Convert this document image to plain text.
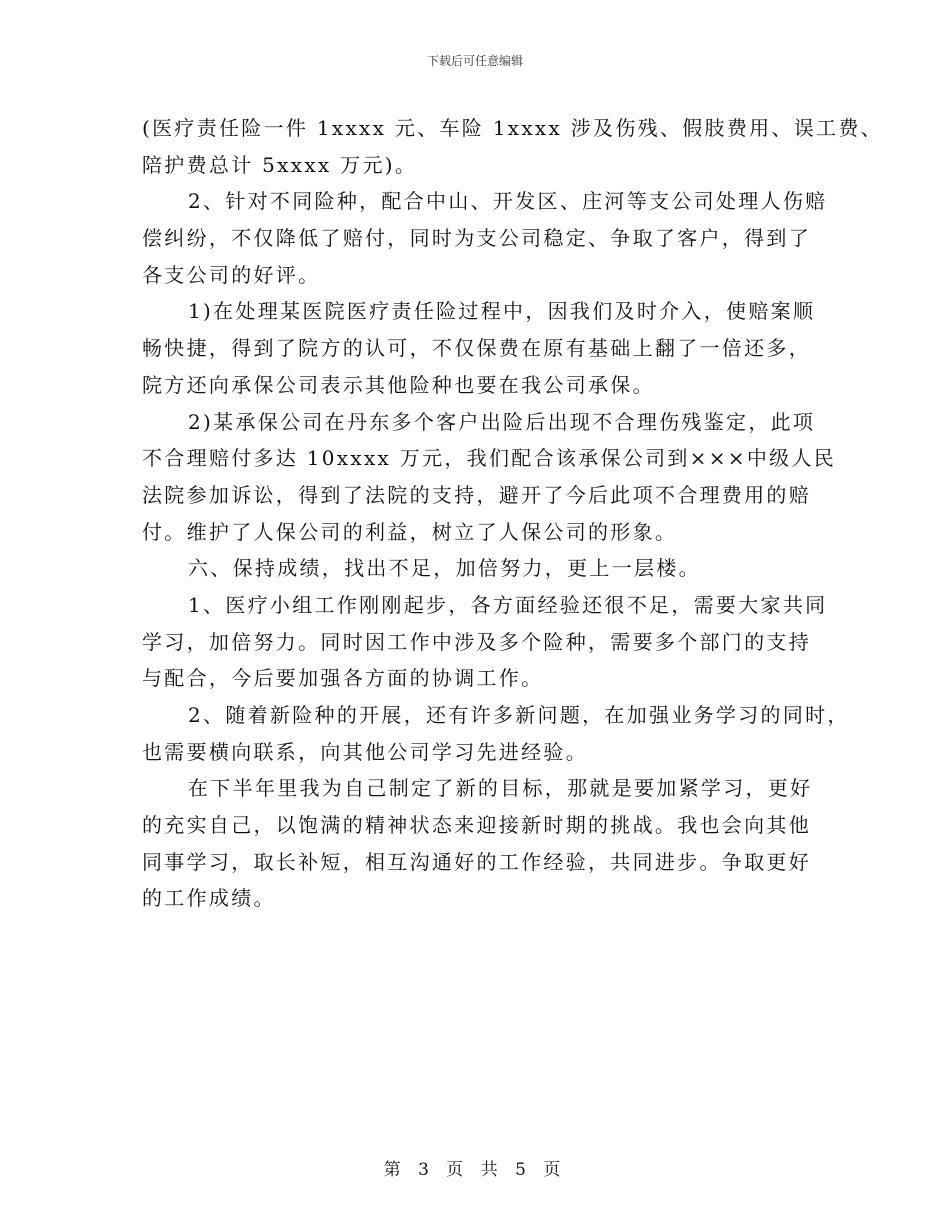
下载后可任意编辑
(医疗责任险一件 1xxxx 元、车险 1xxxx 涉及伤残、假肢费用、误工费、
陪护费总计 5xxxx 万元)。
2、针对不同险种，配合中山、开发区、庄河等支公司处理人伤赔
偿纠纷，不仅降低了赔付，同时为支公司稳定、争取了客户，得到了
各支公司的好评。
1)在处理某医院医疗责任险过程中，因我们及时介入，使赔案顺
畅快捷，得到了院方的认可，不仅保费在原有基础上翻了一倍还多，
院方还向承保公司表示其他险种也要在我公司承保。
2)某承保公司在丹东多个客户出险后出现不合理伤残鉴定，此项
不合理赔付多达 10xxxx 万元，我们配合该承保公司到×××中级人民
法院参加诉讼，得到了法院的支持，避开了今后此项不合理费用的赔
付。维护了人保公司的利益，树立了人保公司的形象。
六、保持成绩，找出不足，加倍努力，更上一层楼。
1、医疗小组工作刚刚起步，各方面经验还很不足，需要大家共同
学习，加倍努力。同时因工作中涉及多个险种，需要多个部门的支持
与配合，今后要加强各方面的协调工作。
2、随着新险种的开展，还有许多新问题，在加强业务学习的同时，
也需要横向联系，向其他公司学习先进经验。
在下半年里我为自己制定了新的目标，那就是要加紧学习，更好
的充实自己，以饱满的精神状态来迎接新时期的挑战。我也会向其他
同事学习，取长补短，相互沟通好的工作经验，共同进步。争取更好
的工作成绩。
第 3 页 共 5 页
